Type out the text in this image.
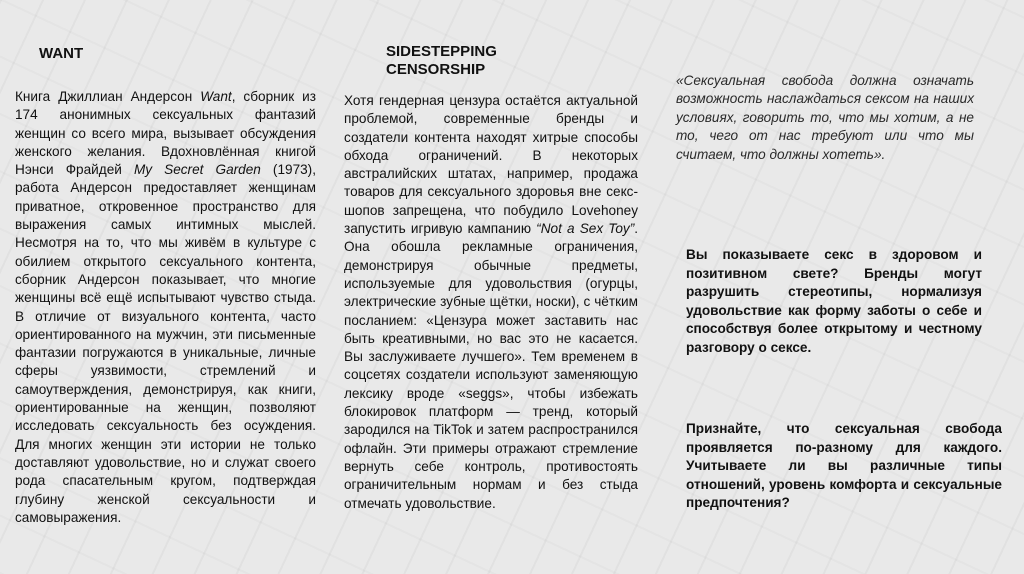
WANT

Книга Джиллиан Андерсон Want, сборник из 174 анонимных сексуальных фантазий женщин со всего мира, вызывает обсуждения женского желания. Вдохновлённая книгой Нэнси Фрайдей My Secret Garden (1973), работа Андерсон предоставляет женщинам приватное, откровенное пространство для выражения самых интимных мыслей. Несмотря на то, что мы живём в культуре с обилием открытого сексуального контента, сборник Андерсон показывает, что многие женщины всё ещё испытывают чувство стыда. В отличие от визуального контента, часто ориентированного на мужчин, эти письменные фантазии погружаются в уникальные, личные сферы уязвимости, стремлений и самоутверждения, демонстрируя, как книги, ориентированные на женщин, позволяют исследовать сексуальность без осуждения. Для многих женщин эти истории не только доставляют удовольствие, но и служат своего рода спасательным кругом, подтверждая глубину женской сексуальности и самовыражения.

SIDESTEPPING
CENSORSHIP

Хотя гендерная цензура остаётся актуальной проблемой, современные бренды и создатели контента находят хитрые способы обхода ограничений. В некоторых австралийских штатах, например, продажа товаров для сексуального здоровья вне секс-шопов запрещена, что побудило Lovehoney запустить игривую кампанию “Not a Sex Toy”. Она обошла рекламные ограничения, демонстрируя обычные предметы, используемые для удовольствия (огурцы, электрические зубные щётки, носки), с чётким посланием: «Цензура может заставить нас быть креативными, но вас это не касается. Вы заслуживаете лучшего». Тем временем в соцсетях создатели используют заменяющую лексику вроде «seggs», чтобы избежать блокировок платформ — тренд, который зародился на TikTok и затем распространился офлайн. Эти примеры отражают стремление вернуть себе контроль, противостоять ограничительным нормам и без стыда отмечать удовольствие.

«Сексуальная свобода должна означать возможность наслаждаться сексом на наших условиях, говорить то, что мы хотим, а не то, чего от нас требуют или что мы считаем, что должны хотеть».

Вы показываете секс в здоровом и позитивном свете? Бренды могут разрушить стереотипы, нормализуя удовольствие как форму заботы о себе и способствуя более открытому и честному разговору о сексе.

Признайте, что сексуальная свобода проявляется по-разному для каждого. Учитываете ли вы различные типы отношений, уровень комфорта и сексуальные предпочтения?
